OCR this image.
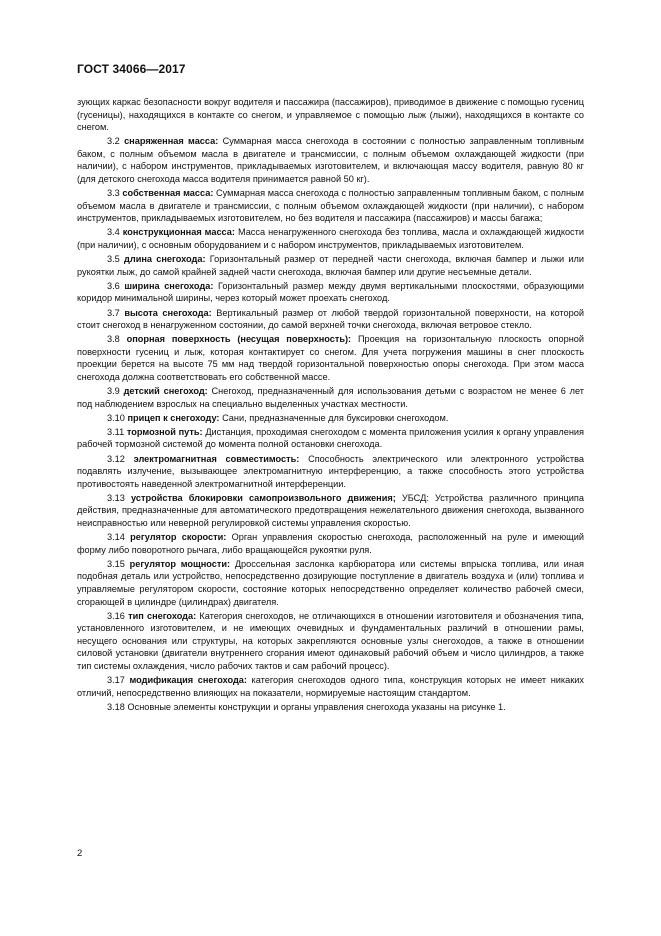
ГОСТ 34066—2017

зующих каркас безопасности вокруг водителя и пассажира (пассажиров), приводимое в движение с помощью гусениц (гусеницы), находящихся в контакте со снегом, и управляемое с помощью лыж (лыжи), находящихся в контакте со снегом.

3.2 снаряженная масса: Суммарная масса снегохода в состоянии с полностью заправленным топливным баком, с полным объемом масла в двигателе и трансмиссии, с полным объемом охлаждающей жидкости (при наличии), с набором инструментов, прикладываемых изготовителем, и включающая массу водителя, равную 80 кг (для детского снегохода масса водителя принимается равной 50 кг).

3.3 собственная масса: Суммарная масса снегохода с полностью заправленным топливным баком, с полным объемом масла в двигателе и трансмиссии, с полным объемом охлаждающей жидкости (при наличии), с набором инструментов, прикладываемых изготовителем, но без водителя и пассажира (пассажиров) и массы багажа;

3.4 конструкционная масса: Масса ненагруженного снегохода без топлива, масла и охлаждающей жидкости (при наличии), с основным оборудованием и с набором инструментов, прикладываемых изготовителем.

3.5 длина снегохода: Горизонтальный размер от передней части снегохода, включая бампер и лыжи или рукоятки лыж, до самой крайней задней части снегохода, включая бампер или другие несъемные детали.

3.6 ширина снегохода: Горизонтальный размер между двумя вертикальными плоскостями, образующими коридор минимальной ширины, через который может проехать снегоход.

3.7 высота снегохода: Вертикальный размер от любой твердой горизонтальной поверхности, на которой стоит снегоход в ненагруженном состоянии, до самой верхней точки снегохода, включая ветровое стекло.

3.8 опорная поверхность (несущая поверхность): Проекция на горизонтальную плоскость опорной поверхности гусениц и лыж, которая контактирует со снегом. Для учета погружения машины в снег плоскость проекции берется на высоте 75 мм над твердой горизонтальной поверхностью опоры снегохода. При этом масса снегохода должна соответствовать его собственной массе.

3.9 детский снегоход: Снегоход, предназначенный для использования детьми с возрастом не менее 6 лет под наблюдением взрослых на специально выделенных участках местности.

3.10 прицеп к снегоходу: Сани, предназначенные для буксировки снегоходом.

3.11 тормозной путь: Дистанция, проходимая снегоходом с момента приложения усилия к органу управления рабочей тормозной системой до момента полной остановки снегохода.

3.12 электромагнитная совместимость: Способность электрического или электронного устройства подавлять излучение, вызывающее электромагнитную интерференцию, а также способность этого устройства противостоять наведенной электромагнитной интерференции.

3.13 устройства блокировки самопроизвольного движения; УБСД: Устройства различного принципа действия, предназначенные для автоматического предотвращения нежелательного движения снегохода, вызванного неисправностью или неверной регулировкой системы управления скоростью.

3.14 регулятор скорости: Орган управления скоростью снегохода, расположенный на руле и имеющий форму либо поворотного рычага, либо вращающейся рукоятки руля.

3.15 регулятор мощности: Дроссельная заслонка карбюратора или системы впрыска топлива, или иная подобная деталь или устройство, непосредственно дозирующие поступление в двигатель воздуха и (или) топлива и управляемые регулятором скорости, состояние которых непосредственно определяет количество рабочей смеси, сгорающей в цилиндре (цилиндрах) двигателя.

3.16 тип снегохода: Категория снегоходов, не отличающихся в отношении изготовителя и обозначения типа, установленного изготовителем, и не имеющих очевидных и фундаментальных различий в отношении рамы, несущего основания или структуры, на которых закрепляются основные узлы снегоходов, а также в отношении силовой установки (двигатели внутреннего сгорания имеют одинаковый рабочий объем и число цилиндров, а также тип системы охлаждения, число рабочих тактов и сам рабочий процесс).

3.17 модификация снегохода: категория снегоходов одного типа, конструкция которых не имеет никаких отличий, непосредственно влияющих на показатели, нормируемые настоящим стандартом.

3.18 Основные элементы конструкции и органы управления снегохода указаны на рисунке 1.

2
